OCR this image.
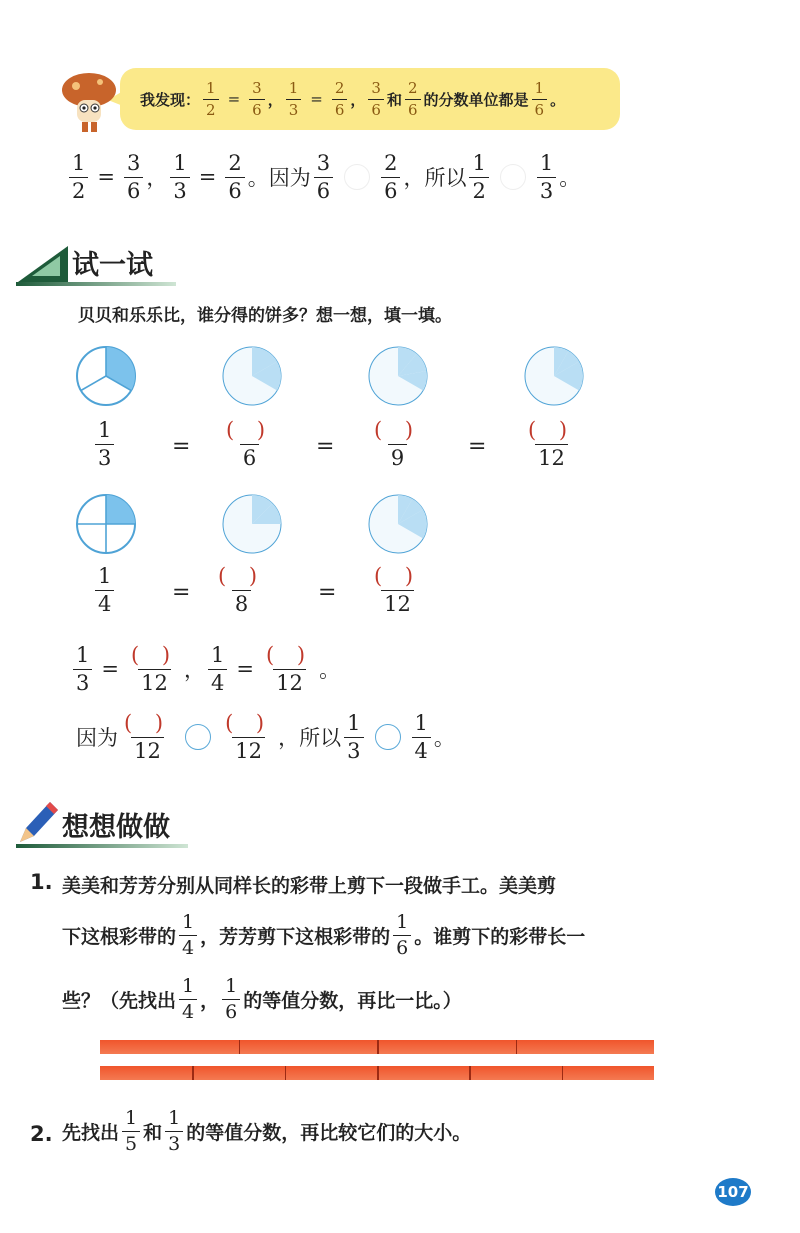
我发现： $\frac{1}{2} = \frac{3}{6}$ ， $\frac{1}{3} = \frac{2}{6}$ ， $\frac{3}{6}$ 和 $\frac{2}{6}$ 的分数单位都是 $\frac{1}{6}$ 。
$\frac{1}{2} = \frac{3}{6}$ ， $\frac{1}{3} = \frac{2}{6}$ 。因为 $\frac{3}{6} \frac{2}{6}$ ，所以 $\frac{1}{2} \frac{1}{3}$ 。
试一试
贝贝和乐乐比，谁分得的饼多？想一想，填一填。
$\frac{1}{3}$	= $\frac{( )}{6} = \frac{( )}{9} = \frac{( )}{12}$
$\frac{1}{4}$	= $\frac{( )}{8} = \frac{( )}{12}$
$\frac{1}{3} = \frac{( )}{12}$ ， $\frac{1}{4} = \frac{( )}{12}$ 。
因为 $\frac{( )}{12} \frac{( )}{12}$ ，所以 $\frac{1}{3} \frac{1}{4}$ 。
想想做做
1. 美美和芳芳分别从同样长的彩带上剪下一段做手工。美美剪
下这根彩带的 $\frac{1}{4}$ ，芳芳剪下这根彩带的 $\frac{1}{6}$ 。谁剪下的彩带长一
些？（先找出 $\frac{1}{4}$ ， $\frac{1}{6}$ 的等值分数，再比一比。）
2. 先找出 $\frac{1}{5}$ 和 $\frac{1}{3}$ 的等值分数，再比较它们的大小。
107
